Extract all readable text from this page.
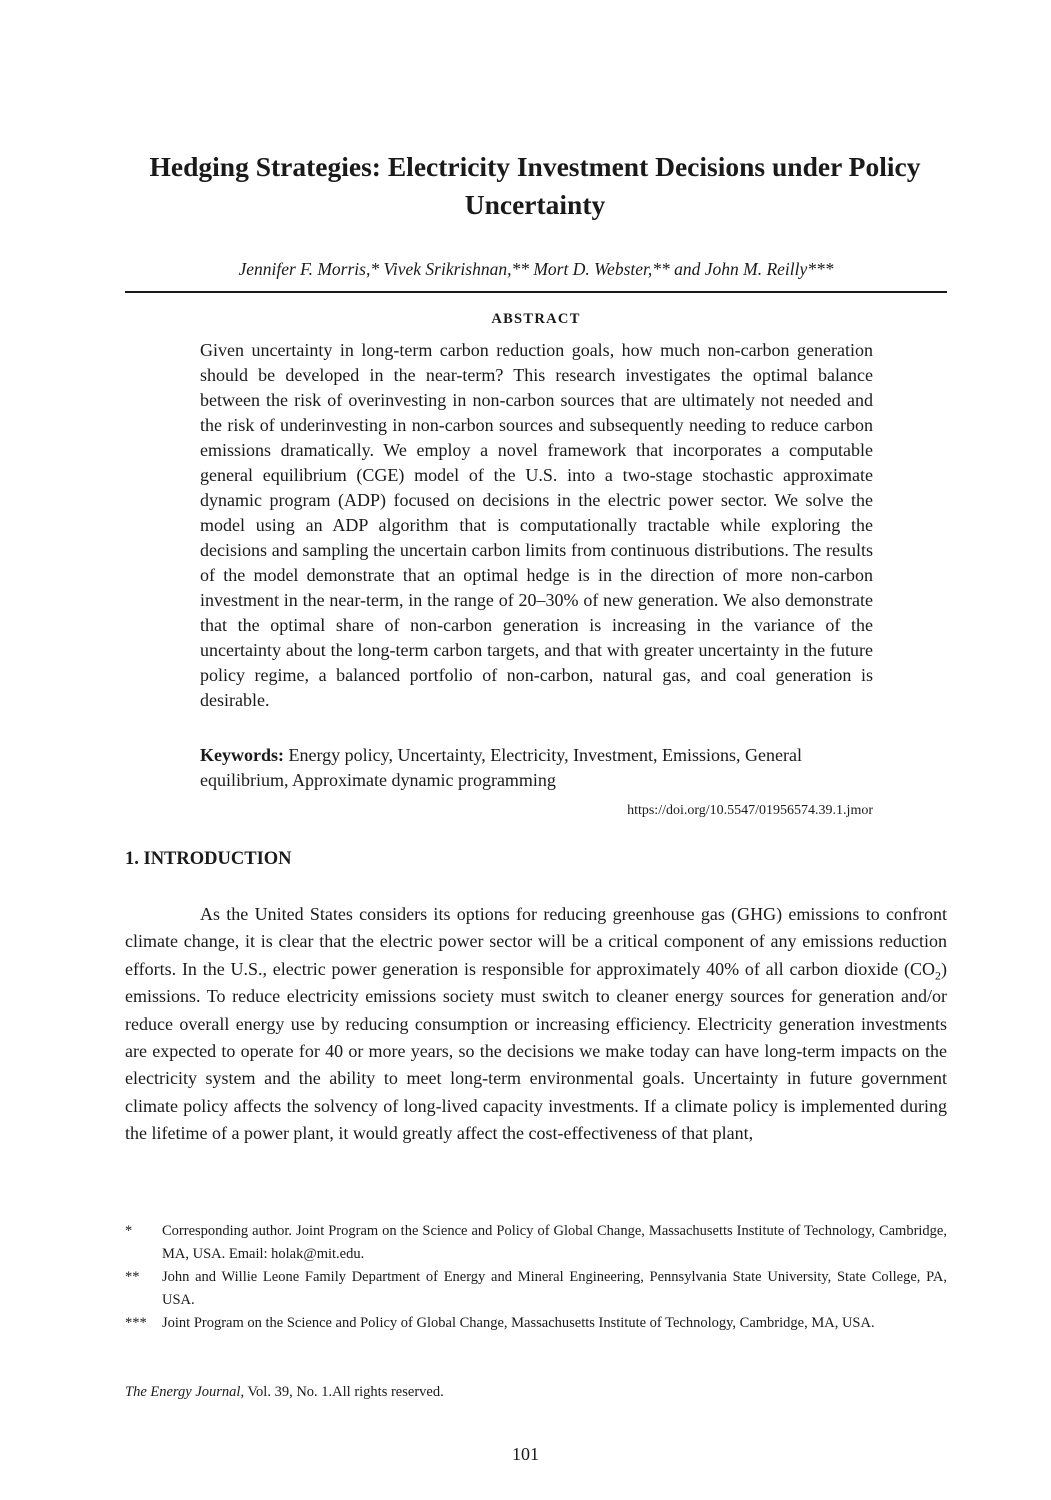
Hedging Strategies: Electricity Investment Decisions under Policy Uncertainty
Jennifer F. Morris,* Vivek Srikrishnan,** Mort D. Webster,** and John M. Reilly***
ABSTRACT

Given uncertainty in long-term carbon reduction goals, how much non-carbon generation should be developed in the near-term? This research investigates the optimal balance between the risk of overinvesting in non-carbon sources that are ultimately not needed and the risk of underinvesting in non-carbon sources and subsequently needing to reduce carbon emissions dramatically. We employ a novel framework that incorporates a computable general equilibrium (CGE) model of the U.S. into a two-stage stochastic approximate dynamic program (ADP) focused on decisions in the electric power sector. We solve the model using an ADP algorithm that is computationally tractable while exploring the decisions and sampling the uncertain carbon limits from continuous distributions. The results of the model demonstrate that an optimal hedge is in the direction of more non-carbon investment in the near-term, in the range of 20–30% of new generation. We also demonstrate that the optimal share of non-carbon generation is increasing in the variance of the uncertainty about the long-term carbon targets, and that with greater uncertainty in the future policy regime, a balanced portfolio of non-carbon, natural gas, and coal generation is desirable.

Keywords: Energy policy, Uncertainty, Electricity, Investment, Emissions, General equilibrium, Approximate dynamic programming

https://doi.org/10.5547/01956574.39.1.jmor
1. INTRODUCTION

As the United States considers its options for reducing greenhouse gas (GHG) emissions to confront climate change, it is clear that the electric power sector will be a critical component of any emissions reduction efforts. In the U.S., electric power generation is responsible for approximately 40% of all carbon dioxide $(CO_2)$ emissions. To reduce electricity emissions society must switch to cleaner energy sources for generation and/or reduce overall energy use by reducing consumption or increasing efficiency. Electricity generation investments are expected to operate for 40 or more years, so the decisions we make today can have long-term impacts on the electricity system and the ability to meet long-term environmental goals. Uncertainty in future government climate policy affects the solvency of long-lived capacity investments. If a climate policy is implemented during the lifetime of a power plant, it would greatly affect the cost-effectiveness of that plant,

*	Corresponding author. Joint Program on the Science and Policy of Global Change, Massachusetts Institute of Technology, Cambridge, MA, USA. Email: holak@mit.edu.
**	John and Willie Leone Family Department of Energy and Mineral Engineering, Pennsylvania State University, State College, PA, USA.
***	Joint Program on the Science and Policy of Global Change, Massachusetts Institute of Technology, Cambridge, MA, USA.
The Energy Journal, Vol. 39, No. 1.All rights reserved.
101
